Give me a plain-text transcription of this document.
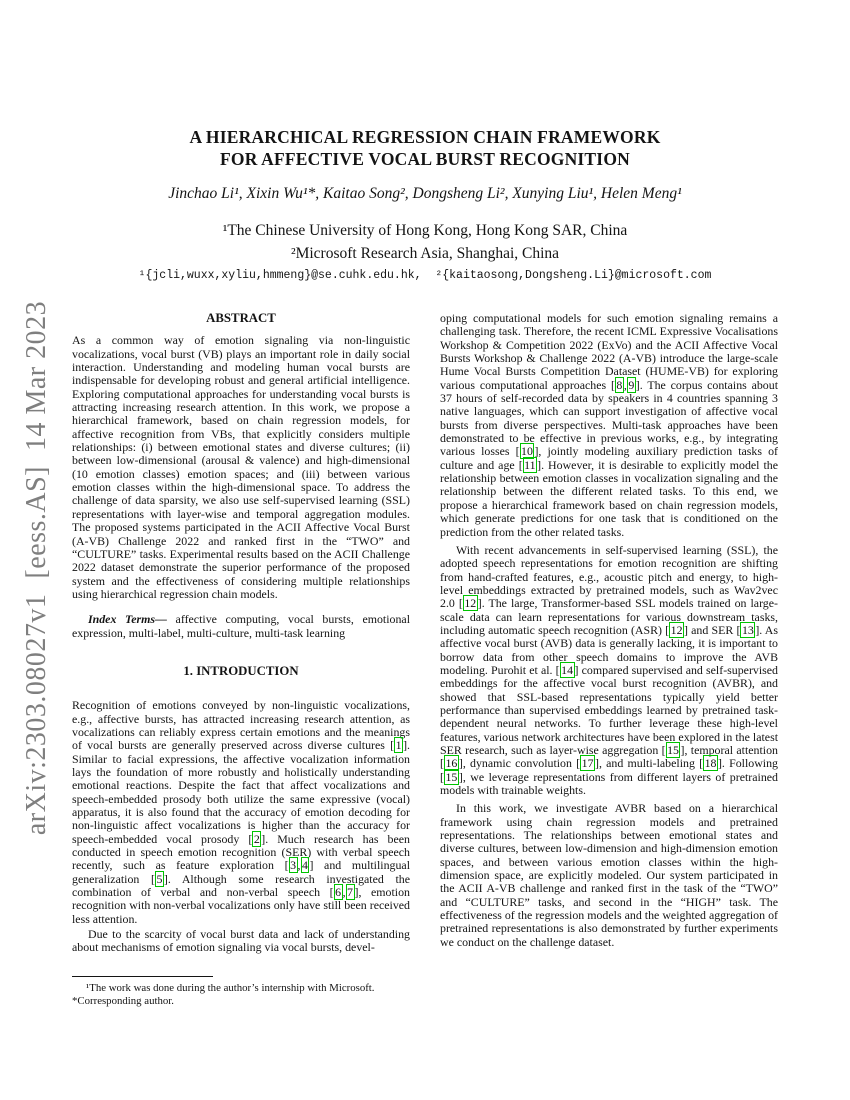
arXiv:2303.08027v1  [eess.AS]  14 Mar 2023
A HIERARCHICAL REGRESSION CHAIN FRAMEWORK
FOR AFFECTIVE VOCAL BURST RECOGNITION
Jinchao Li¹, Xixin Wu¹*, Kaitao Song², Dongsheng Li², Xunying Liu¹, Helen Meng¹
¹The Chinese University of Hong Kong, Hong Kong SAR, China
²Microsoft Research Asia, Shanghai, China
¹{jcli,wuxx,xyliu,hmmeng}@se.cuhk.edu.hk,  ²{kaitaosong,Dongsheng.Li}@microsoft.com
ABSTRACT

As a common way of emotion signaling via non-linguistic vocalizations, vocal burst (VB) plays an important role in daily social interaction. Understanding and modeling human vocal bursts are indispensable for developing robust and general artificial intelligence. Exploring computational approaches for understanding vocal bursts is attracting increasing research attention. In this work, we propose a hierarchical framework, based on chain regression models, for affective recognition from VBs, that explicitly considers multiple relationships: (i) between emotional states and diverse cultures; (ii) between low-dimensional (arousal & valence) and high-dimensional (10 emotion classes) emotion spaces; and (iii) between various emotion classes within the high-dimensional space. To address the challenge of data sparsity, we also use self-supervised learning (SSL) representations with layer-wise and temporal aggregation modules. The proposed systems participated in the ACII Affective Vocal Burst (A-VB) Challenge 2022 and ranked first in the “TWO” and “CULTURE” tasks. Experimental results based on the ACII Challenge 2022 dataset demonstrate the superior performance of the proposed system and the effectiveness of considering multiple relationships using hierarchical regression chain models.

Index Terms— affective computing, vocal bursts, emotional expression, multi-label, multi-culture, multi-task learning

1. INTRODUCTION

Recognition of emotions conveyed by non-linguistic vocalizations, e.g., affective bursts, has attracted increasing research attention, as vocalizations can reliably express certain emotions and the meanings of vocal bursts are generally preserved across diverse cultures [ 1 ]. Similar to facial expressions, the affective vocalization information lays the foundation of more robustly and holistically understanding emotional reactions. Despite the fact that affect vocalizations and speech-embedded prosody both utilize the same expressive (vocal) apparatus, it is also found that the accuracy of emotion decoding for non-linguistic affect vocalizations is higher than the accuracy for speech-embedded vocal prosody [ 2 ]. Much research has been conducted in speech emotion recognition (SER) with verbal speech recently, such as feature exploration [ 3 , 4 ] and multilingual generalization [ 5 ]. Although some research investigated the combination of verbal and non-verbal speech [ 6 , 7 ], emotion recognition with non-verbal vocalizations only have still been received less attention.

Due to the scarcity of vocal burst data and lack of understanding about mechanisms of emotion signaling via vocal bursts, devel-

oping computational models for such emotion signaling remains a challenging task. Therefore, the recent ICML Expressive Vocalisations Workshop & Competition 2022 (ExVo) and the ACII Affective Vocal Bursts Workshop & Challenge 2022 (A-VB) introduce the large-scale Hume Vocal Bursts Competition Dataset (HUME-VB) for exploring various computational approaches [ 8 , 9 ]. The corpus contains about 37 hours of self-recorded data by speakers in 4 countries spanning 3 native languages, which can support investigation of affective vocal bursts from diverse perspectives. Multi-task approaches have been demonstrated to be effective in previous works, e.g., by integrating various losses [ 10 ], jointly modeling auxiliary prediction tasks of culture and age [ 11 ]. However, it is desirable to explicitly model the relationship between emotion classes in vocalization signaling and the relationship between the different related tasks. To this end, we propose a hierarchical framework based on chain regression models, which generate predictions for one task that is conditioned on the prediction from the other related tasks.

With recent advancements in self-supervised learning (SSL), the adopted speech representations for emotion recognition are shifting from hand-crafted features, e.g., acoustic pitch and energy, to high-level embeddings extracted by pretrained models, such as Wav2vec 2.0 [ 12 ]. The large, Transformer-based SSL models trained on large-scale data can learn representations for various downstream tasks, including automatic speech recognition (ASR) [ 12 ] and SER [ 13 ]. As affective vocal burst (AVB) data is generally lacking, it is important to borrow data from other speech domains to improve the AVB modeling. Purohit et al. [ 14 ] compared supervised and self-supervised embeddings for the affective vocal burst recognition (AVBR), and showed that SSL-based representations typically yield better performance than supervised embeddings learned by pretrained task-dependent neural networks. To further leverage these high-level features, various network architectures have been explored in the latest SER research, such as layer-wise aggregation [ 15 ], temporal attention [ 16 ], dynamic convolution [ 17 ], and multi-labeling [ 18 ]. Following [ 15 ], we leverage representations from different layers of pretrained models with trainable weights.

In this work, we investigate AVBR based on a hierarchical framework using chain regression models and pretrained representations. The relationships between emotional states and diverse cultures, between low-dimension and high-dimension emotion spaces, and between various emotion classes within the high-dimension space, are explicitly modeled. Our system participated in the ACII A-VB challenge and ranked first in the task of the “TWO” and “CULTURE” tasks, and second in the “HIGH” task. The effectiveness of the regression models and the weighted aggregation of pretrained representations is also demonstrated by further experiments we conduct on the challenge dataset.

¹The work was done during the author’s internship with Microsoft.
*Corresponding author.
